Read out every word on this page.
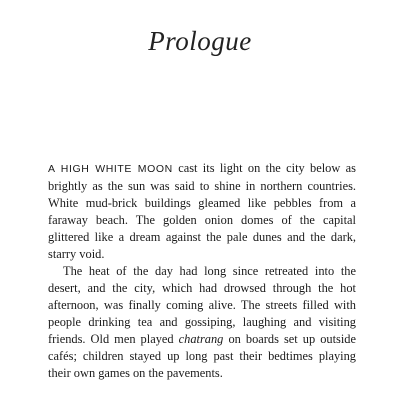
Prologue

A HIGH WHITE MOON cast its light on the city below as brightly as the sun was said to shine in northern countries. White mud-brick buildings gleamed like pebbles from a faraway beach. The golden onion domes of the capital glittered like a dream against the pale dunes and the dark, starry void.

The heat of the day had long since retreated into the desert, and the city, which had drowsed through the hot afternoon, was finally coming alive. The streets filled with people drinking tea and gossiping, laughing and visiting friends. Old men played chatrang on boards set up outside cafés; children stayed up long past their bedtimes playing their own games on the pavements.
